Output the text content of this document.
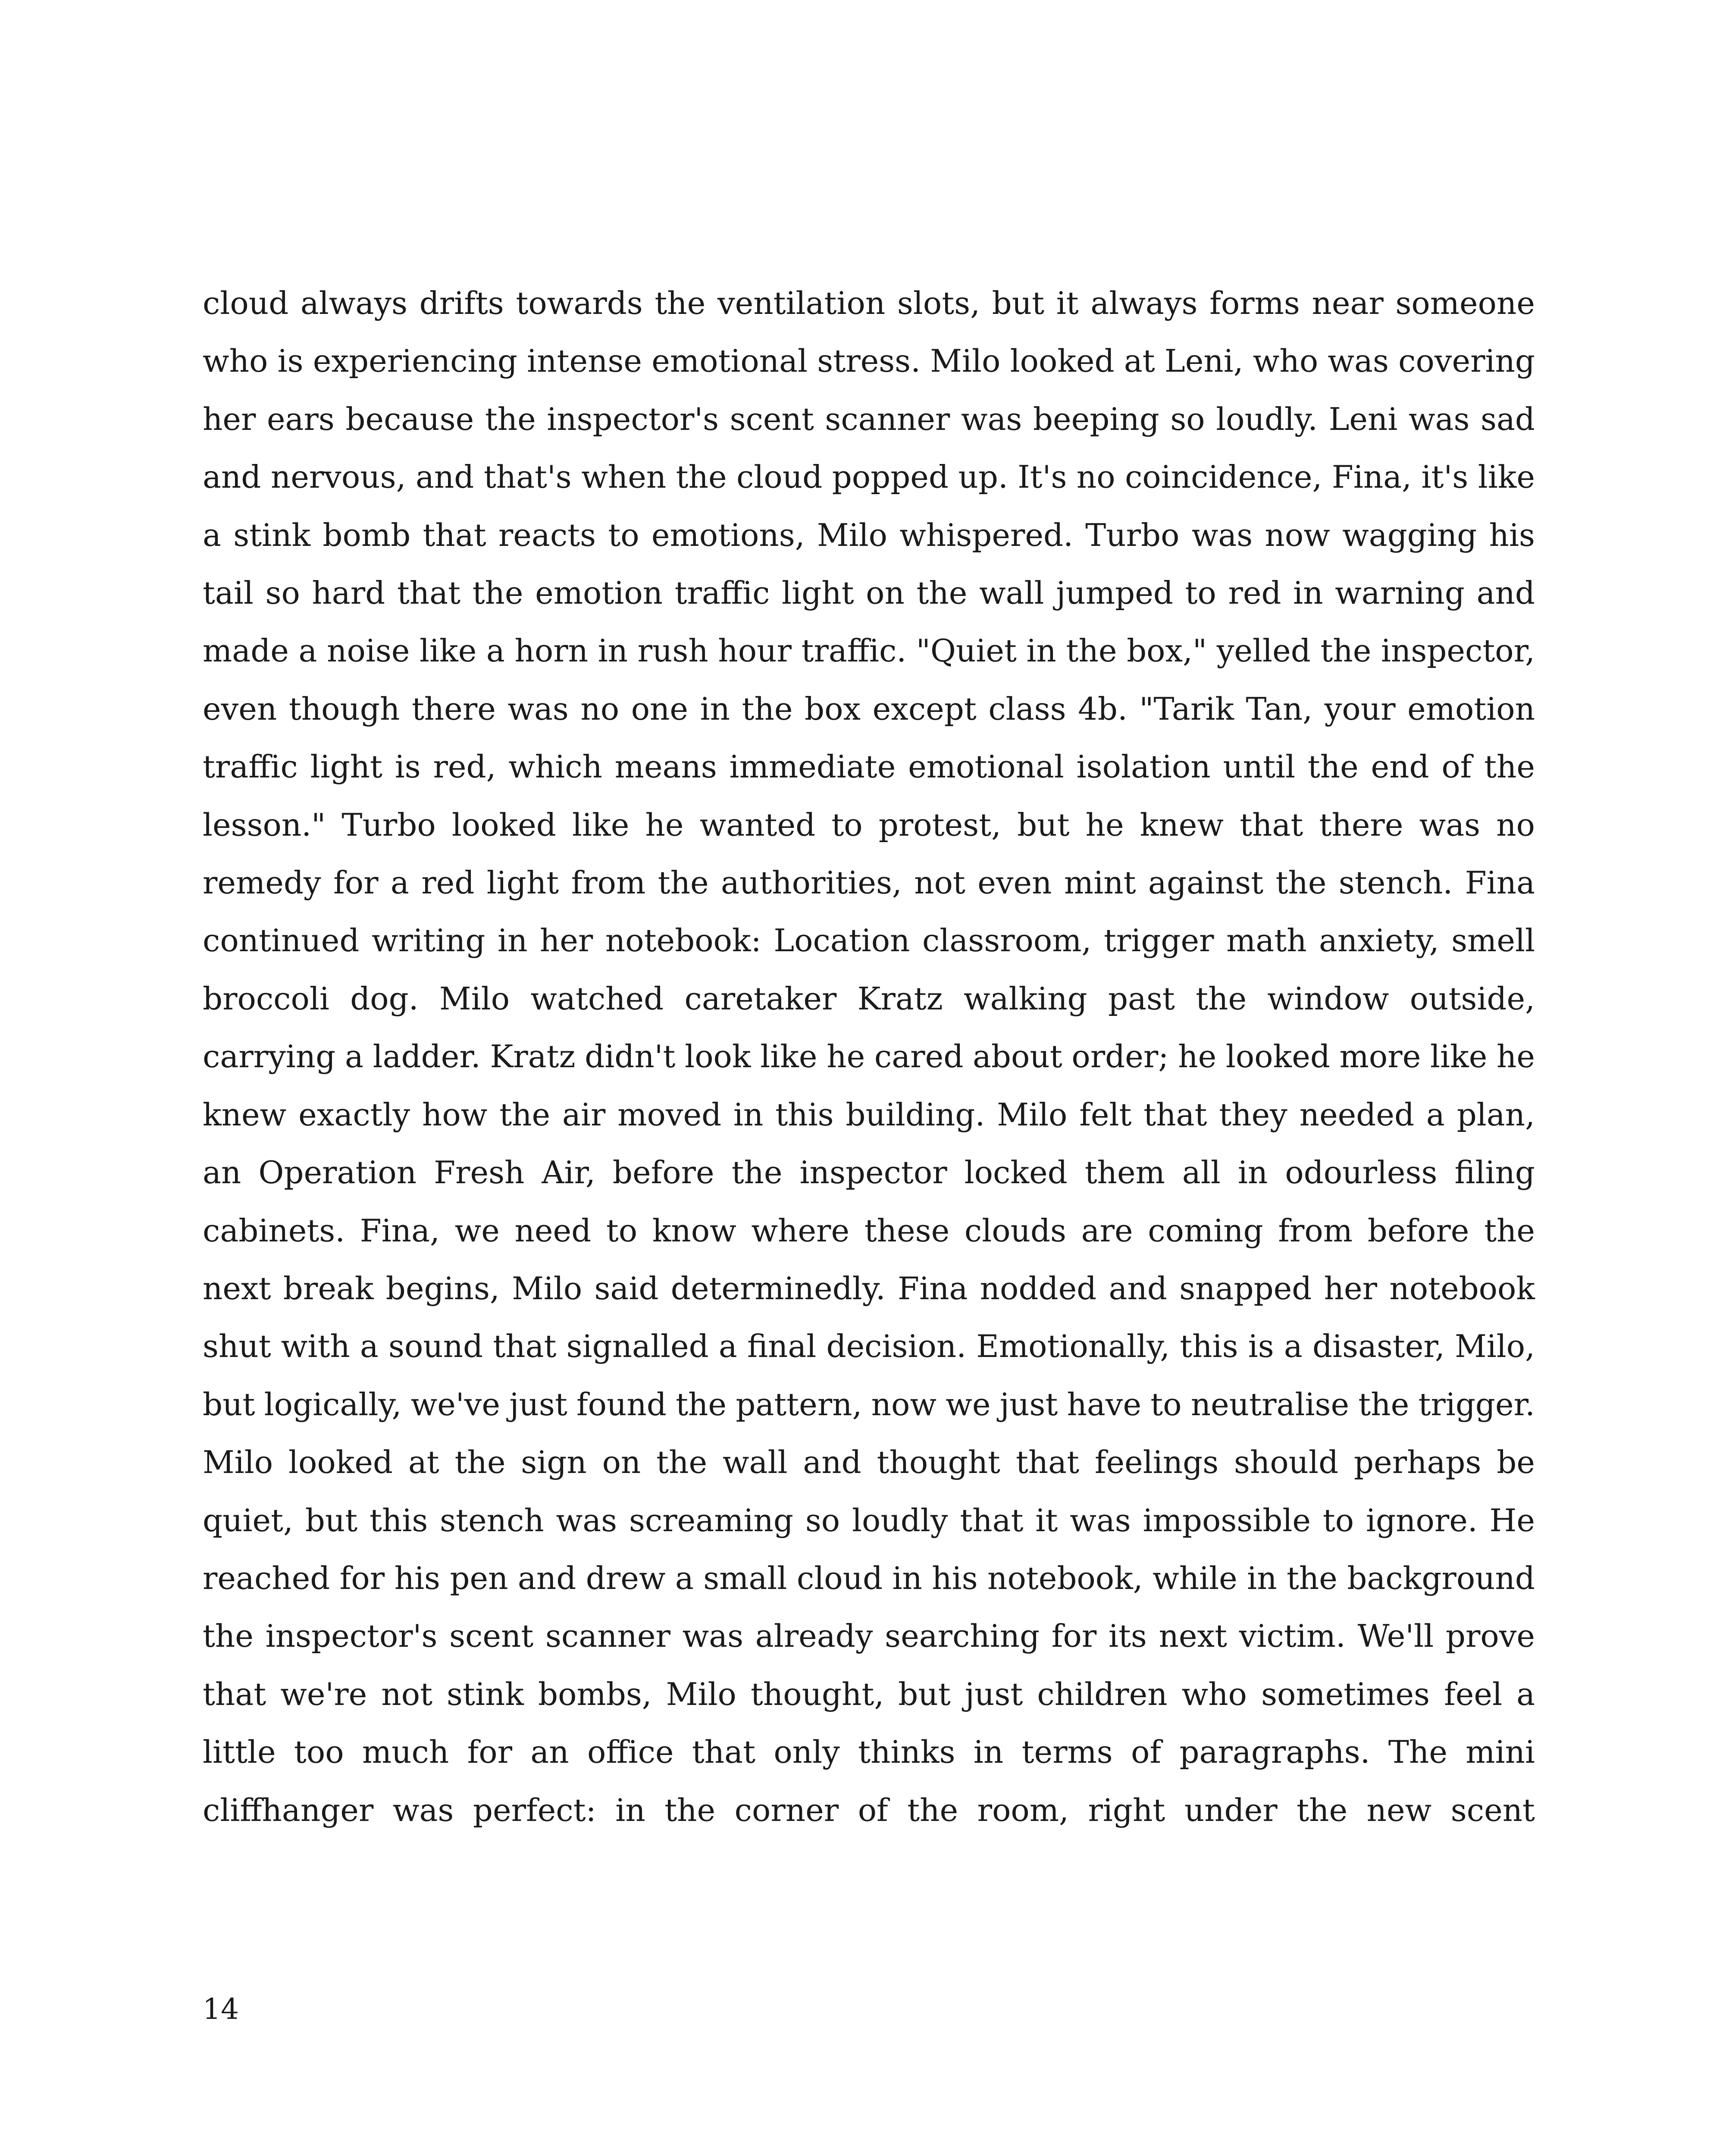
cloud always drifts towards the ventilation slots, but it always forms near someone who is experiencing intense emotional stress. Milo looked at Leni, who was covering her ears because the inspector's scent scanner was beeping so loudly. Leni was sad and nervous, and that's when the cloud popped up. It's no coincidence, Fina, it's like a stink bomb that reacts to emotions, Milo whispered. Turbo was now wagging his tail so hard that the emotion traffic light on the wall jumped to red in warning and made a noise like a horn in rush hour traffic. "Quiet in the box," yelled the inspector, even though there was no one in the box except class 4b. "Tarik Tan, your emotion traffic light is red, which means immediate emotional isolation until the end of the lesson." Turbo looked like he wanted to protest, but he knew that there was no remedy for a red light from the authorities, not even mint against the stench. Fina continued writing in her notebook: Location classroom, trigger math anxiety, smell broccoli dog. Milo watched caretaker Kratz walking past the window outside, carrying a ladder. Kratz didn't look like he cared about order; he looked more like he knew exactly how the air moved in this building. Milo felt that they needed a plan, an Operation Fresh Air, before the inspector locked them all in odourless filing cabinets. Fina, we need to know where these clouds are coming from before the next break begins, Milo said determinedly. Fina nodded and snapped her notebook shut with a sound that signalled a final decision. Emotionally, this is a disaster, Milo, but logically, we've just found the pattern, now we just have to neutralise the trigger. Milo looked at the sign on the wall and thought that feelings should perhaps be quiet, but this stench was screaming so loudly that it was impossible to ignore. He reached for his pen and drew a small cloud in his notebook, while in the background the inspector's scent scanner was already searching for its next victim. We'll prove that we're not stink bombs, Milo thought, but just children who sometimes feel a little too much for an office that only thinks in terms of paragraphs. The mini cliffhanger was perfect: in the corner of the room, right under the new scent

14
